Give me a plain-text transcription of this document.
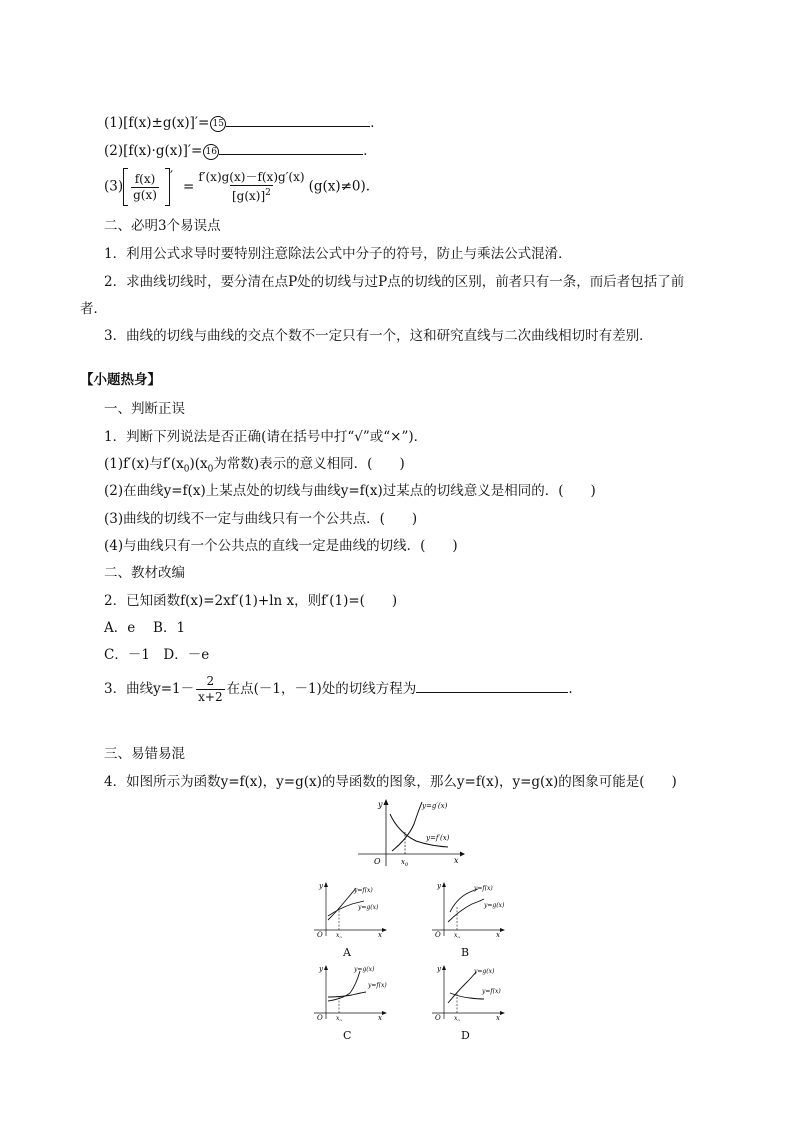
(1)[f(x)±g(x)]′= 15	．
(2)[f(x)·g(x)]′= 16	．
$(3) \frac{f(x)}{g(x)}$ ′= $\frac{f'(x)g(x)-f(x)g'(x)}{[g(x)]^2} (g(x)\ne 0)$.
二、必明3个易误点
1．利用公式求导时要特别注意除法公式中分子的符号，防止与乘法公式混淆．
2．求曲线切线时，要分清在点P处的切线与过P点的切线的区别，前者只有一条，而后者包括了前
者．
3．曲线的切线与曲线的交点个数不一定只有一个，这和研究直线与二次曲线相切时有差别．
【小题热身】
一、判断正误
1．判断下列说法是否正确(请在括号中打“√”或“×”)．
(1)f′(x)与$f'(x_0)(x_0$为常数)表示的意义相同．(　　)
(2)在曲线y=f(x)上某点处的切线与曲线y=f(x)过某点的切线意义是相同的．(　　)
(3)曲线的切线不一定与曲线只有一个公共点．(　　)
(4)与曲线只有一个公共点的直线一定是曲线的切线．(　　)
二、教材改编
2．已知函数f(x)=2xf′(1)+ln x，则f′(1)=(　　)
A．e　 B．1
C．－1　D．－e
3．曲线$y=1- \frac{2}{x+2}$ 在点(－1，－1)处的切线方程为	.
三、易错易混
4．如图所示为函数y=f(x)，y=g(x)的导函数的图象，那么y=f(x)，y=g(x)的图象可能是(　　)
y
x
O	$x_0$
y=g′(x)
y=f′(x)
y
x
O $x_0$
y=f(x)
y=g(x)
A
y
x
O $x_0$
y=f(x)
y=g(x)
B
y
x
O $x_0$
y=g(x)
y=f(x)
C
y
x
O $x_0$
y=g(x)
y=f(x)
D
